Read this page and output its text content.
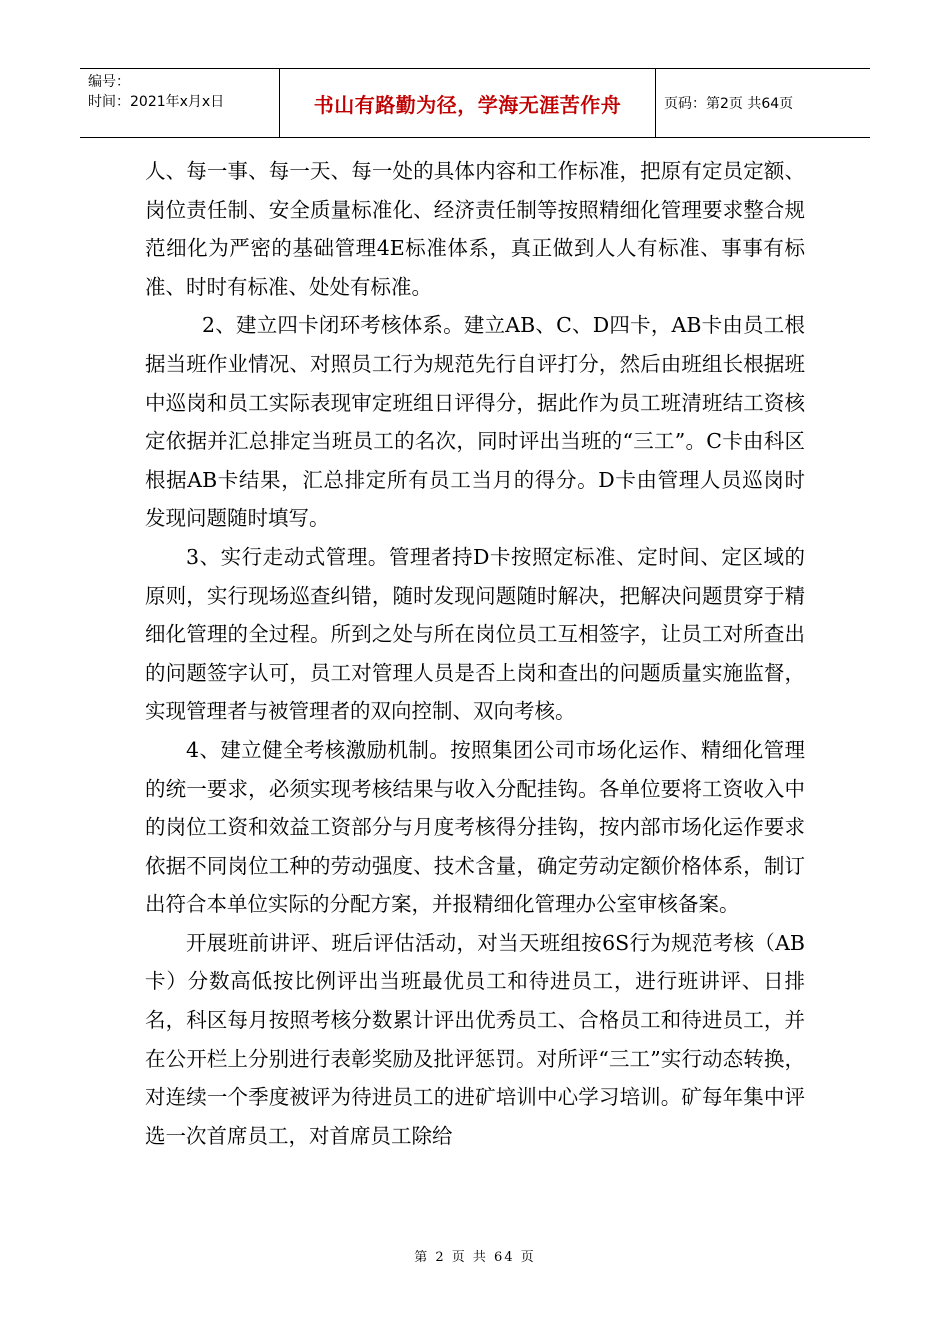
编号：
时间：2021年x月x日	书山有路勤为径，学海无涯苦作舟	页码：第2页 共64页

人、每一事、每一天、每一处的具体内容和工作标准，把原有定员定额、岗位责任制、安全质量标准化、经济责任制等按照精细化管理要求整合规范细化为严密的基础管理4E标准体系，真正做到人人有标准、事事有标准、时时有标准、处处有标准。

2、建立四卡闭环考核体系。建立AB、C、D四卡，AB卡由员工根据当班作业情况、对照员工行为规范先行自评打分，然后由班组长根据班中巡岗和员工实际表现审定班组日评得分，据此作为员工班清班结工资核定依据并汇总排定当班员工的名次，同时评出当班的“三工”。C卡由科区根据AB卡结果，汇总排定所有员工当月的得分。D卡由管理人员巡岗时发现问题随时填写。

3、实行走动式管理。管理者持D卡按照定标准、定时间、定区域的原则，实行现场巡查纠错，随时发现问题随时解决，把解决问题贯穿于精细化管理的全过程。所到之处与所在岗位员工互相签字，让员工对所查出的问题签字认可，员工对管理人员是否上岗和查出的问题质量实施监督，实现管理者与被管理者的双向控制、双向考核。

4、建立健全考核激励机制。按照集团公司市场化运作、精细化管理的统一要求，必须实现考核结果与收入分配挂钩。各单位要将工资收入中的岗位工资和效益工资部分与月度考核得分挂钩，按内部市场化运作要求依据不同岗位工种的劳动强度、技术含量，确定劳动定额价格体系，制订出符合本单位实际的分配方案，并报精细化管理办公室审核备案。

开展班前讲评、班后评估活动，对当天班组按6S行为规范考核（AB卡）分数高低按比例评出当班最优员工和待进员工，进行班讲评、日排名，科区每月按照考核分数累计评出优秀员工、合格员工和待进员工，并在公开栏上分别进行表彰奖励及批评惩罚。对所评“三工”实行动态转换，对连续一个季度被评为待进员工的进矿培训中心学习培训。矿每年集中评选一次首席员工，对首席员工除给

第 2 页 共 64 页
